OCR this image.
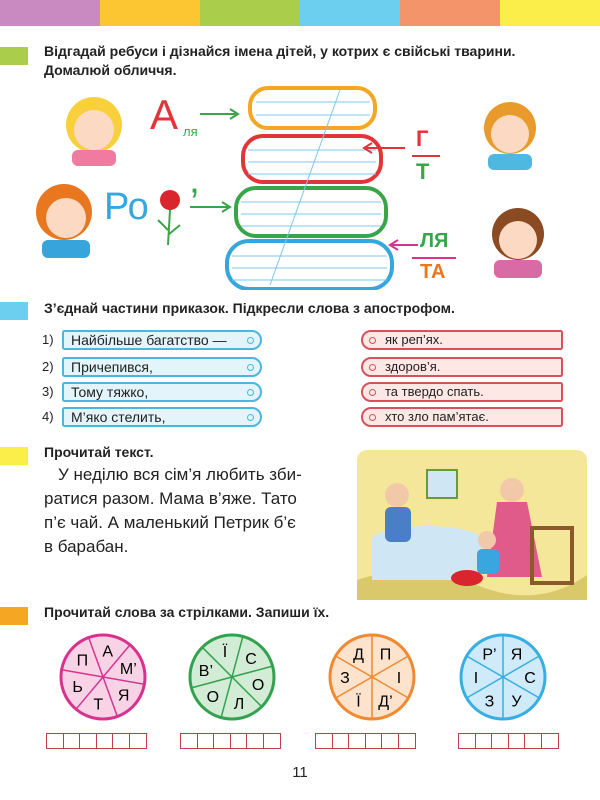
Відгадай ребуси і дізнайся імена дітей, у котрих є свійські тварини. Домалюй обличчя.
А ля
Ро ’
Г
Т
ЛЯ
ТА
З’єднай частини приказок. Підкресли слова з апострофом.
1)	Найбільше багатство —	як реп’ях.
2)	Причепився,	здоров’я.
3)	Тому тяжко,	та твердо спать.
4)	М’яко стелить,	хто зло пам’ятає.
Прочитай текст.
У неділю вся сім’я любить зби-
ратися разом. Мама в’яже. Тато
п’є чай. А маленький Петрик б’є
в барабан.
Прочитай слова за стрілками. Запиши їх.
А
М’
Я
Т
Ь
П	С
О
Л
О
В’
Ї	П
І
Д’
Ї
З
Д	Я
С
У
З
І
Р’
11
